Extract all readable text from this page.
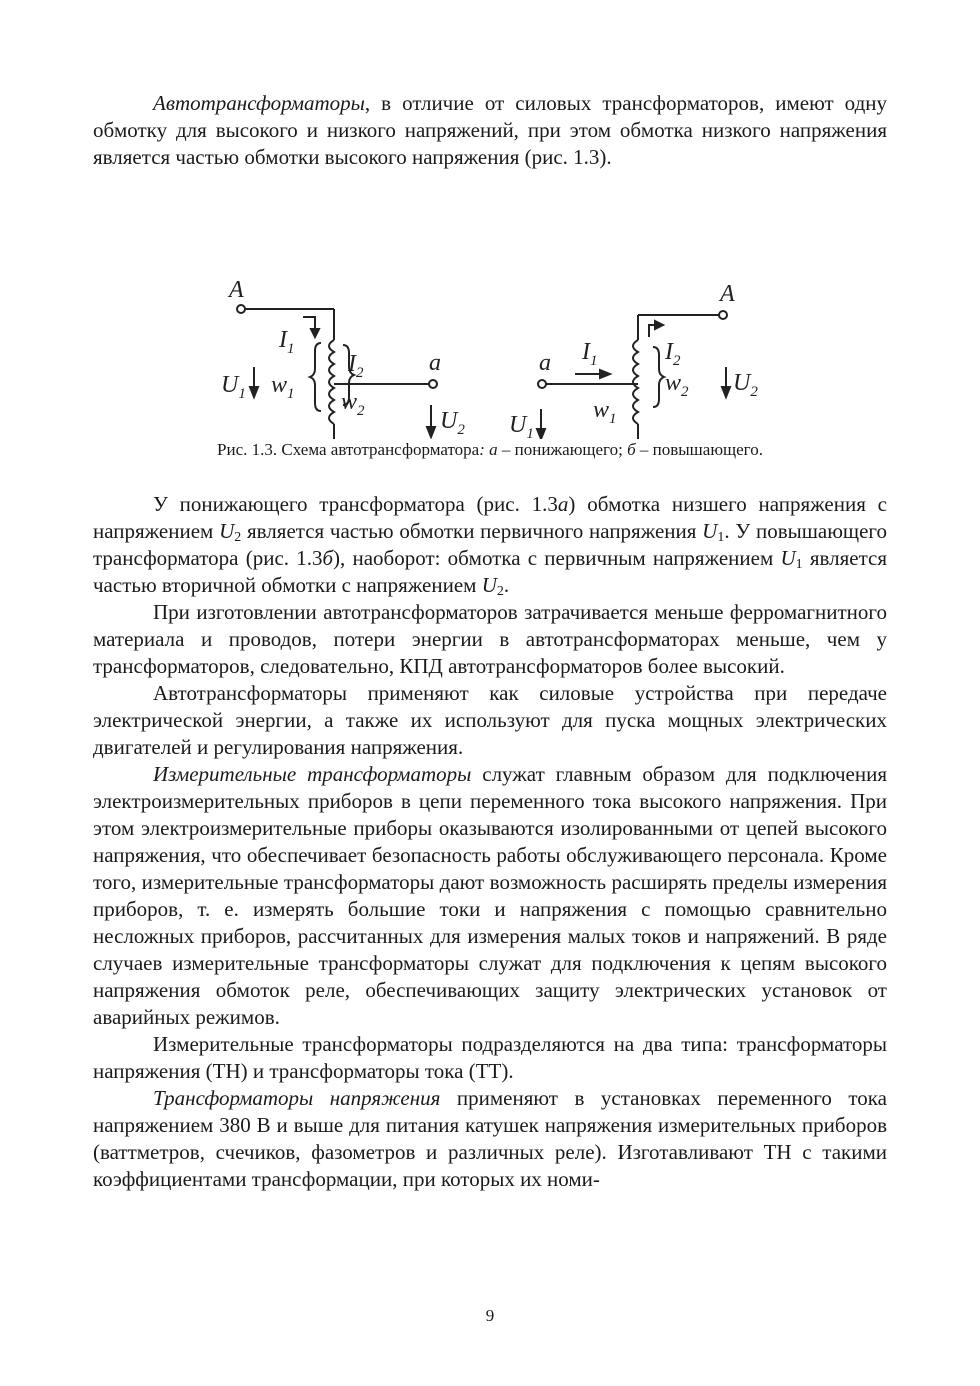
Автотрансформаторы, в отличие от силовых трансформаторов, имеют одну обмотку для высокого и низкого напряжений, при этом обмотка низкого напряжения является частью обмотки высокого напряжения (рис. 1.3).

A
$I_1$
$I_2$	a
$U_1$ $w_1$ $w_2$	$U_2$
A
$I_1$	$I_2$
a
$w_2$ $U_2$
$w_1$
$U_1$

Рис. 1.3. Схема автотрансформатора: а – понижающего; б – повышающего.

У понижающего трансформатора (рис. 1.3а) обмотка низшего напряжения с напряжением $U_2$ является частью обмотки первичного напряжения $U_1$. У повышающего трансформатора (рис. 1.3б), наоборот: обмотка с первичным напряжением $U_1$ является частью вторичной обмотки с напряжением $U_2$.

При изготовлении автотрансформаторов затрачивается меньше ферромагнитного материала и проводов, потери энергии в автотрансформаторах меньше, чем у трансформаторов, следовательно, КПД автотрансформаторов более высокий.

Автотрансформаторы применяют как силовые устройства при передаче электрической энергии, а также их используют для пуска мощных электрических двигателей и регулирования напряжения.

Измерительные трансформаторы служат главным образом для подключения электроизмерительных приборов в цепи переменного тока высокого напряжения. При этом электроизмерительные приборы оказываются изолированными от цепей высокого напряжения, что обеспечивает безопасность работы обслуживающего персонала. Кроме того, измерительные трансформаторы дают возможность расширять пределы измерения приборов, т. е. измерять большие токи и напряжения с помощью сравнительно несложных приборов, рассчитанных для измерения малых токов и напряжений. В ряде случаев измерительные трансформаторы служат для подключения к цепям высокого напряжения обмоток реле, обеспечивающих защиту электрических установок от аварийных режимов.

Измерительные трансформаторы подразделяются на два типа: трансформаторы напряжения (ТН) и трансформаторы тока (ТТ).

Трансформаторы напряжения применяют в установках переменного тока напряжением 380 В и выше для питания катушек напряжения измерительных приборов (ваттметров, счечиков, фазометров и различных реле). Изготавливают ТН с такими коэффициентами трансформации, при которых их номи-

9
